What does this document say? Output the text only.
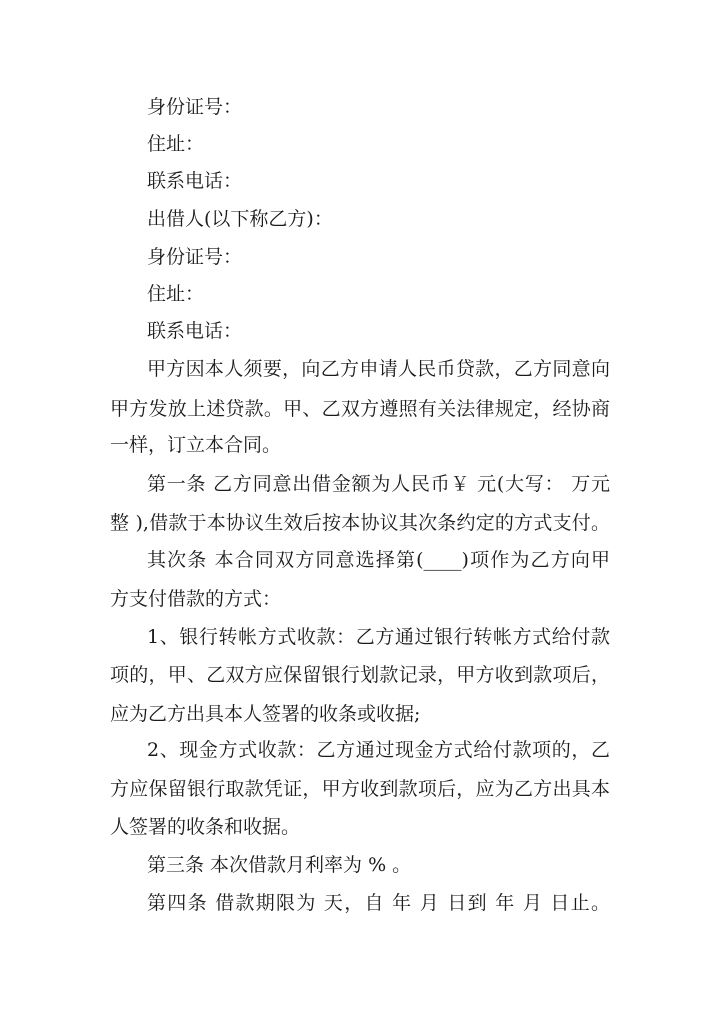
身份证号：
住址：
联系电话：
出借人(以下称乙方)：
身份证号：
住址：
联系电话：
甲方因本人须要，向乙方申请人民币贷款，乙方同意向
甲方发放上述贷款。甲、乙双方遵照有关法律规定，经协商
一样，订立本合同。
第一条 乙方同意出借金额为人民币￥ 元(大写： 万元
整 ),借款于本协议生效后按本协议其次条约定的方式支付。
其次条 本合同双方同意选择第(____)项作为乙方向甲
方支付借款的方式：
1、银行转帐方式收款：乙方通过银行转帐方式给付款
项的，甲、乙双方应保留银行划款记录，甲方收到款项后，
应为乙方出具本人签署的收条或收据;
2、现金方式收款：乙方通过现金方式给付款项的，乙
方应保留银行取款凭证，甲方收到款项后，应为乙方出具本
人签署的收条和收据。
第三条 本次借款月利率为 % 。
第四条 借款期限为 天，自 年 月 日到 年 月 日止。
